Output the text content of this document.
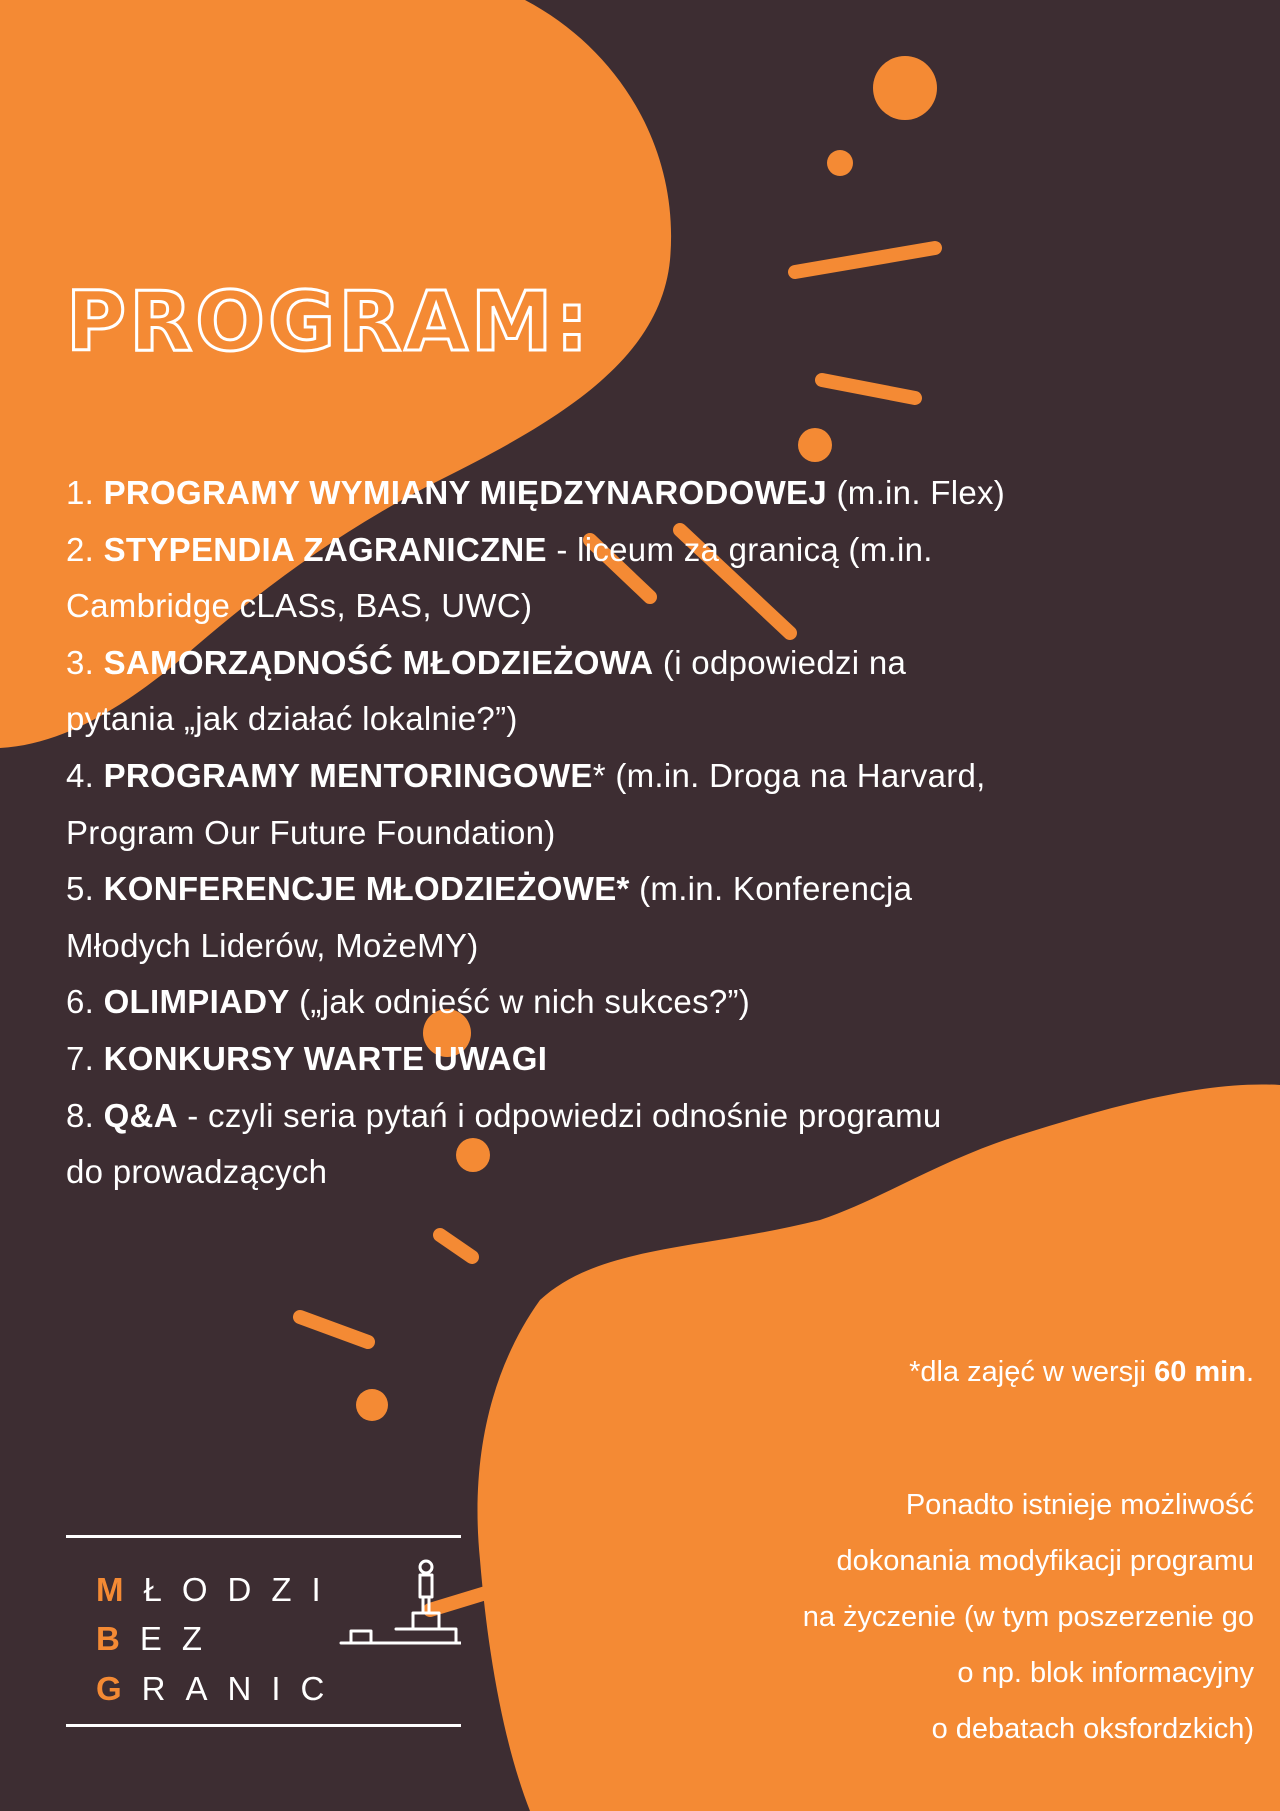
PROGRAM:
1. PROGRAMY WYMIANY MIĘDZYNARODOWEJ (m.in. Flex)
2. STYPENDIA ZAGRANICZNE - liceum za granicą (m.in.
Cambridge cLASs, BAS, UWC)
3. SAMORZĄDNOŚĆ MŁODZIEŻOWA (i odpowiedzi na
pytania „jak działać lokalnie?”)
4. PROGRAMY MENTORINGOWE* (m.in. Droga na Harvard,
Program Our Future Foundation)
5. KONFERENCJE MŁODZIEŻOWE* (m.in. Konferencja
Młodych Liderów, MożeMY)
6. OLIMPIADY („jak odnieść w nich sukces?”)
7. KONKURSY WARTE UWAGI
8. Q&A - czyli seria pytań i odpowiedzi odnośnie programu
do prowadzących

*dla zajęć w wersji 60 min.

Ponadto istnieje możliwość
dokonania modyfikacji programu
na życzenie (w tym poszerzenie go
o np. blok informacyjny
o debatach oksfordzkich)
MŁODZI
BEZ
GRANIC
